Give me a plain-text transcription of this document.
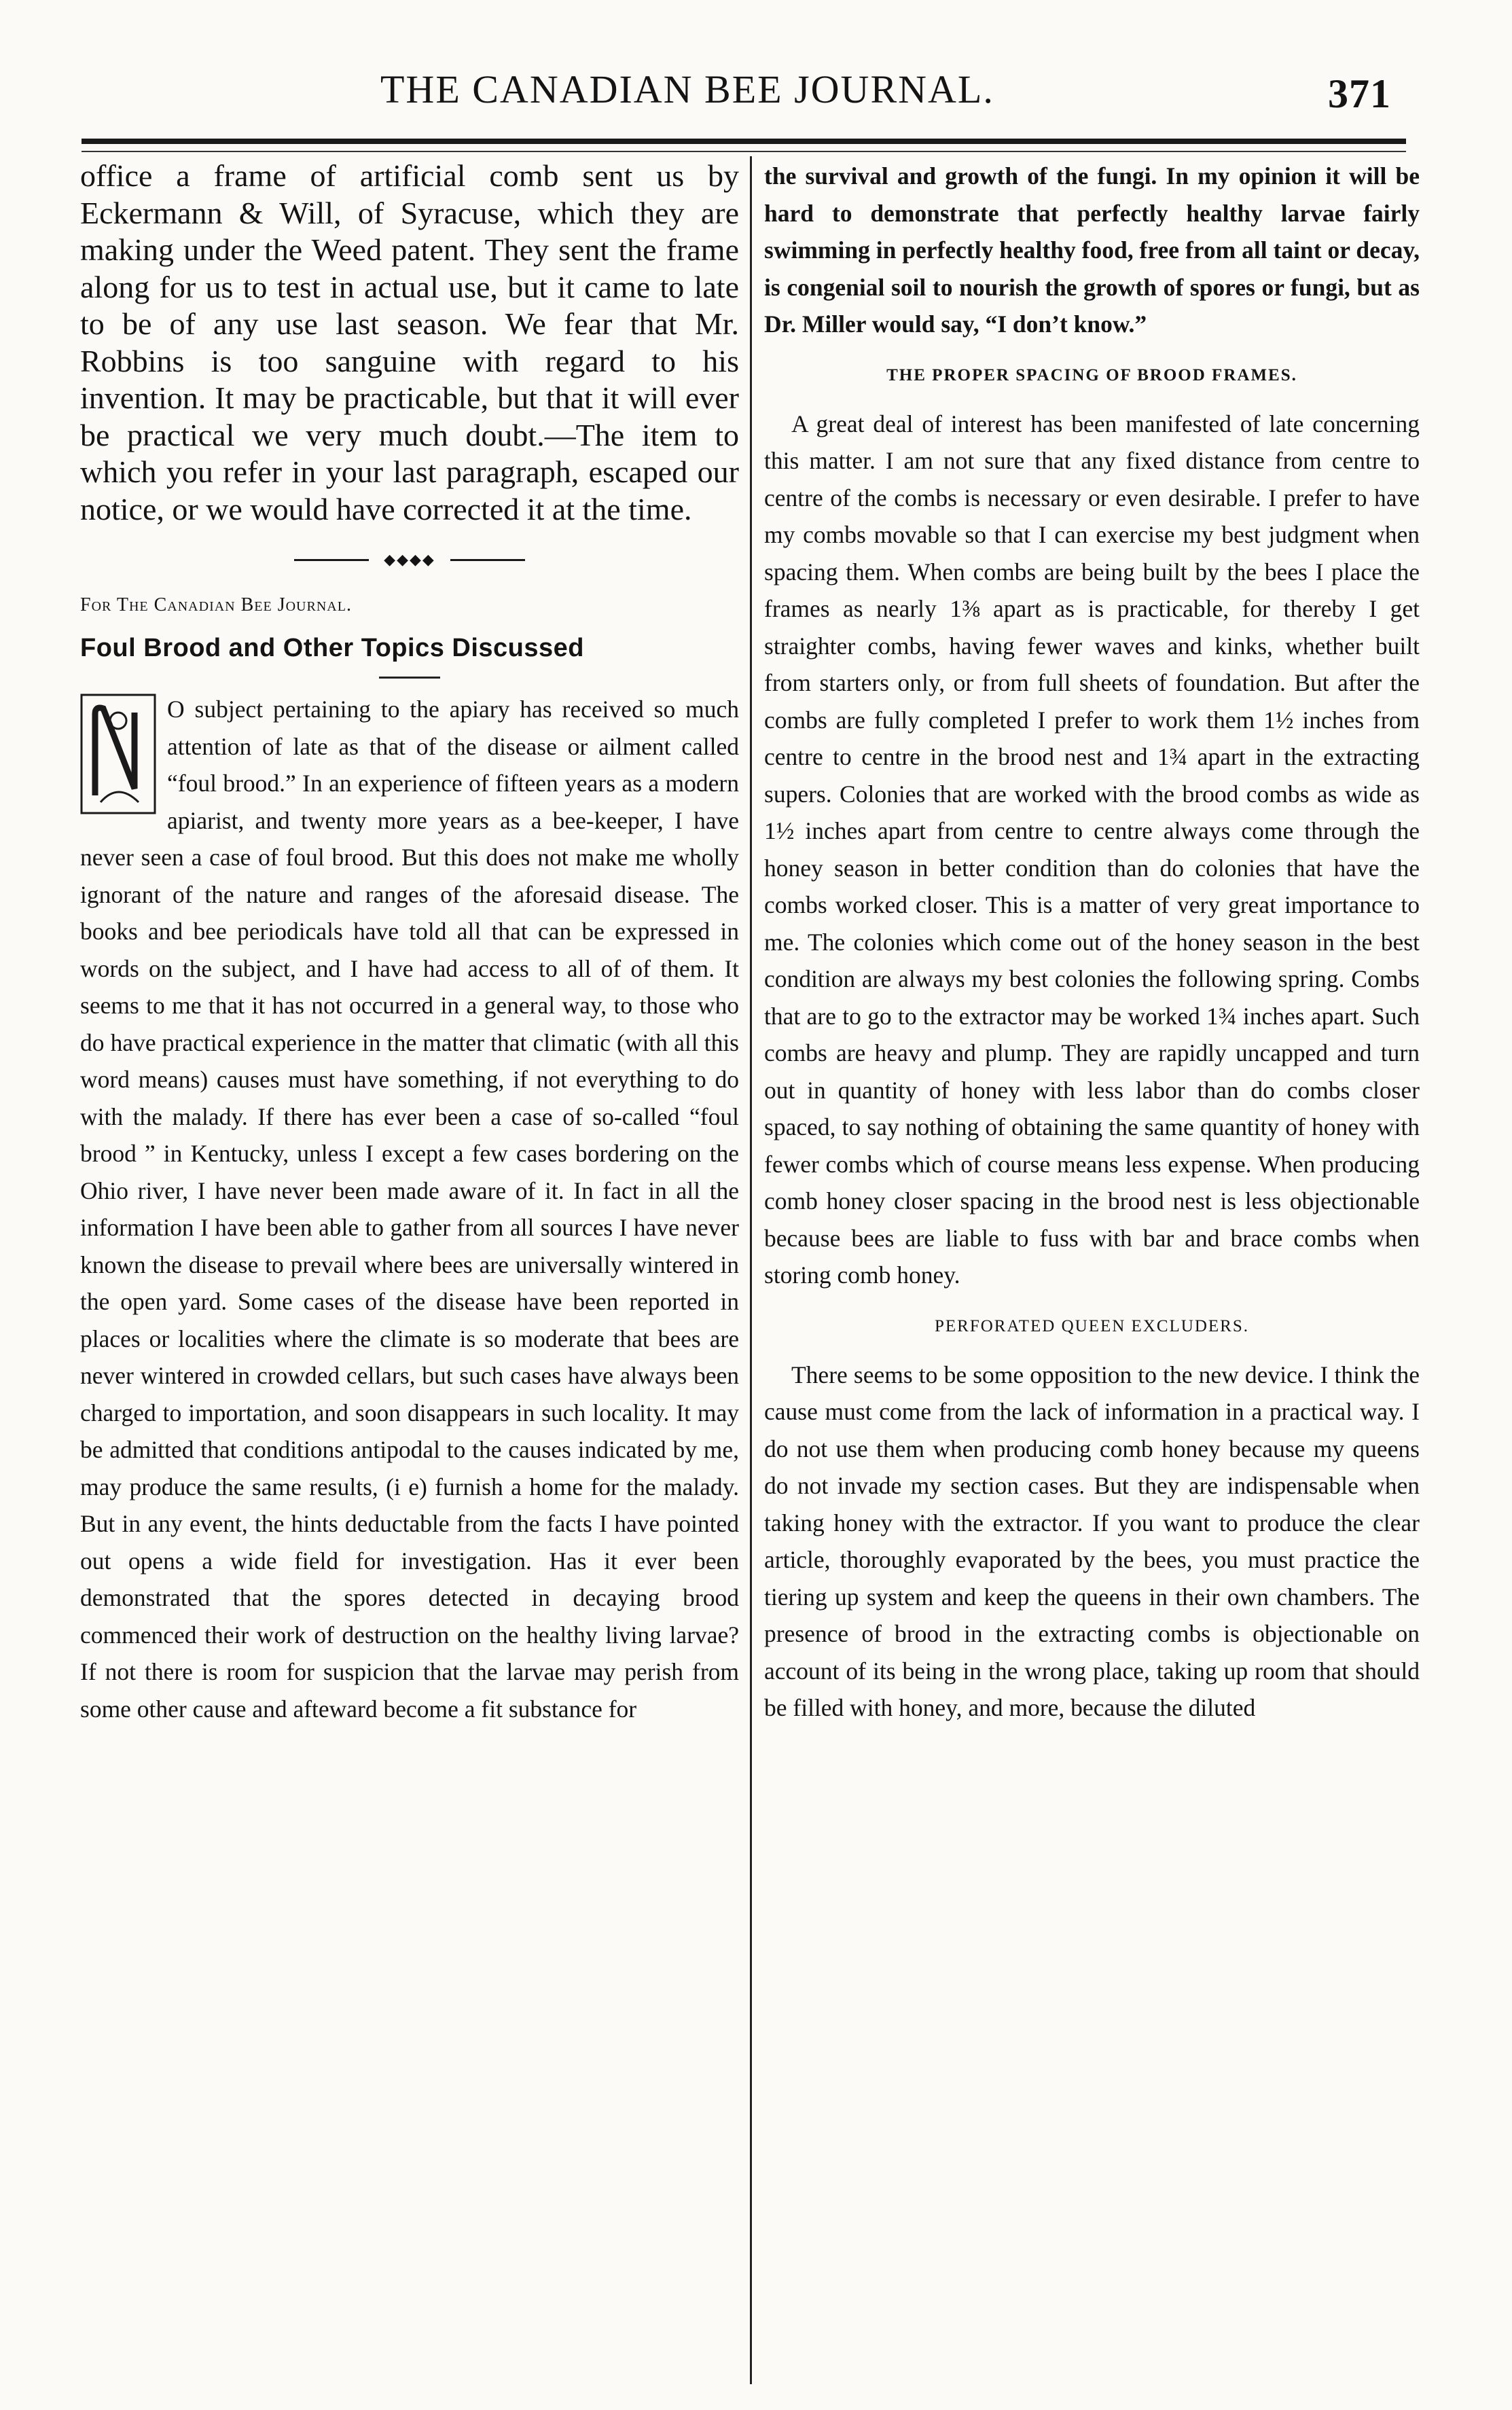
THE CANADIAN BEE JOURNAL.	371

office a frame of artificial comb sent us by Eckermann & Will, of Syracuse, which they are making under the Weed patent. They sent the frame along for us to test in actual use, but it came to late to be of any use last season. We fear that Mr. Robbins is too sanguine with regard to his invention. It may be practicable, but that it will ever be practical we very much doubt.—The item to which you refer in your last paragraph, escaped our notice, or we would have corrected it at the time.

◆◆◆◆

For The Canadian Bee Journal.

Foul Brood and Other Topics Discussed

N

O subject pertaining to the apiary has received so much attention of late as that of the disease or ailment called “foul brood.” In an experience of fifteen years as a modern apiarist, and twenty more years as a bee-keeper, I have never seen a case of foul brood. But this does not make me wholly ignorant of the nature and ranges of the aforesaid disease. The books and bee periodicals have told all that can be expressed in words on the subject, and I have had access to all of of them. It seems to me that it has not occurred in a general way, to those who do have practical experience in the matter that climatic (with all this word means) causes must have something, if not everything to do with the malady. If there has ever been a case of so-called “foul brood ” in Kentucky, unless I except a few cases bordering on the Ohio river, I have never been made aware of it. In fact in all the information I have been able to gather from all sources I have never known the disease to prevail where bees are universally wintered in the open yard. Some cases of the disease have been reported in places or localities where the climate is so moderate that bees are never wintered in crowded cellars, but such cases have always been charged to importation, and soon disappears in such locality. It may be admitted that conditions antipodal to the causes indicated by me, may produce the same results, (i e) furnish a home for the malady. But in any event, the hints deductable from the facts I have pointed out opens a wide field for investigation. Has it ever been demonstrated that the spores detected in decaying brood commenced their work of destruction on the healthy living larvae? If not there is room for suspicion that the larvae may perish from some other cause and afteward become a fit substance for

the survival and growth of the fungi. In my opinion it will be hard to demonstrate that perfectly healthy larvae fairly swimming in perfectly healthy food, free from all taint or decay, is congenial soil to nourish the growth of spores or fungi, but as Dr. Miller would say, “I don’t know.”

THE PROPER SPACING OF BROOD FRAMES.

A great deal of interest has been manifested of late concerning this matter. I am not sure that any fixed distance from centre to centre of the combs is necessary or even desirable. I prefer to have my combs movable so that I can exercise my best judgment when spacing them. When combs are being built by the bees I place the frames as nearly 1⅜ apart as is practicable, for thereby I get straighter combs, having fewer waves and kinks, whether built from starters only, or from full sheets of foundation. But after the combs are fully completed I prefer to work them 1½ inches from centre to centre in the brood nest and 1¾ apart in the extracting supers. Colonies that are worked with the brood combs as wide as 1½ inches apart from centre to centre always come through the honey season in better condition than do colonies that have the combs worked closer. This is a matter of very great importance to me. The colonies which come out of the honey season in the best condition are always my best colonies the following spring. Combs that are to go to the extractor may be worked 1¾ inches apart. Such combs are heavy and plump. They are rapidly uncapped and turn out in quantity of honey with less labor than do combs closer spaced, to say nothing of obtaining the same quantity of honey with fewer combs which of course means less expense. When producing comb honey closer spacing in the brood nest is less objectionable because bees are liable to fuss with bar and brace combs when storing comb honey.

PERFORATED QUEEN EXCLUDERS.

There seems to be some opposition to the new device. I think the cause must come from the lack of information in a practical way. I do not use them when producing comb honey because my queens do not invade my section cases. But they are indispensable when taking honey with the extractor. If you want to produce the clear article, thoroughly evaporated by the bees, you must practice the tiering up system and keep the queens in their own chambers. The presence of brood in the extracting combs is objectionable on account of its being in the wrong place, taking up room that should be filled with honey, and more, because the diluted
